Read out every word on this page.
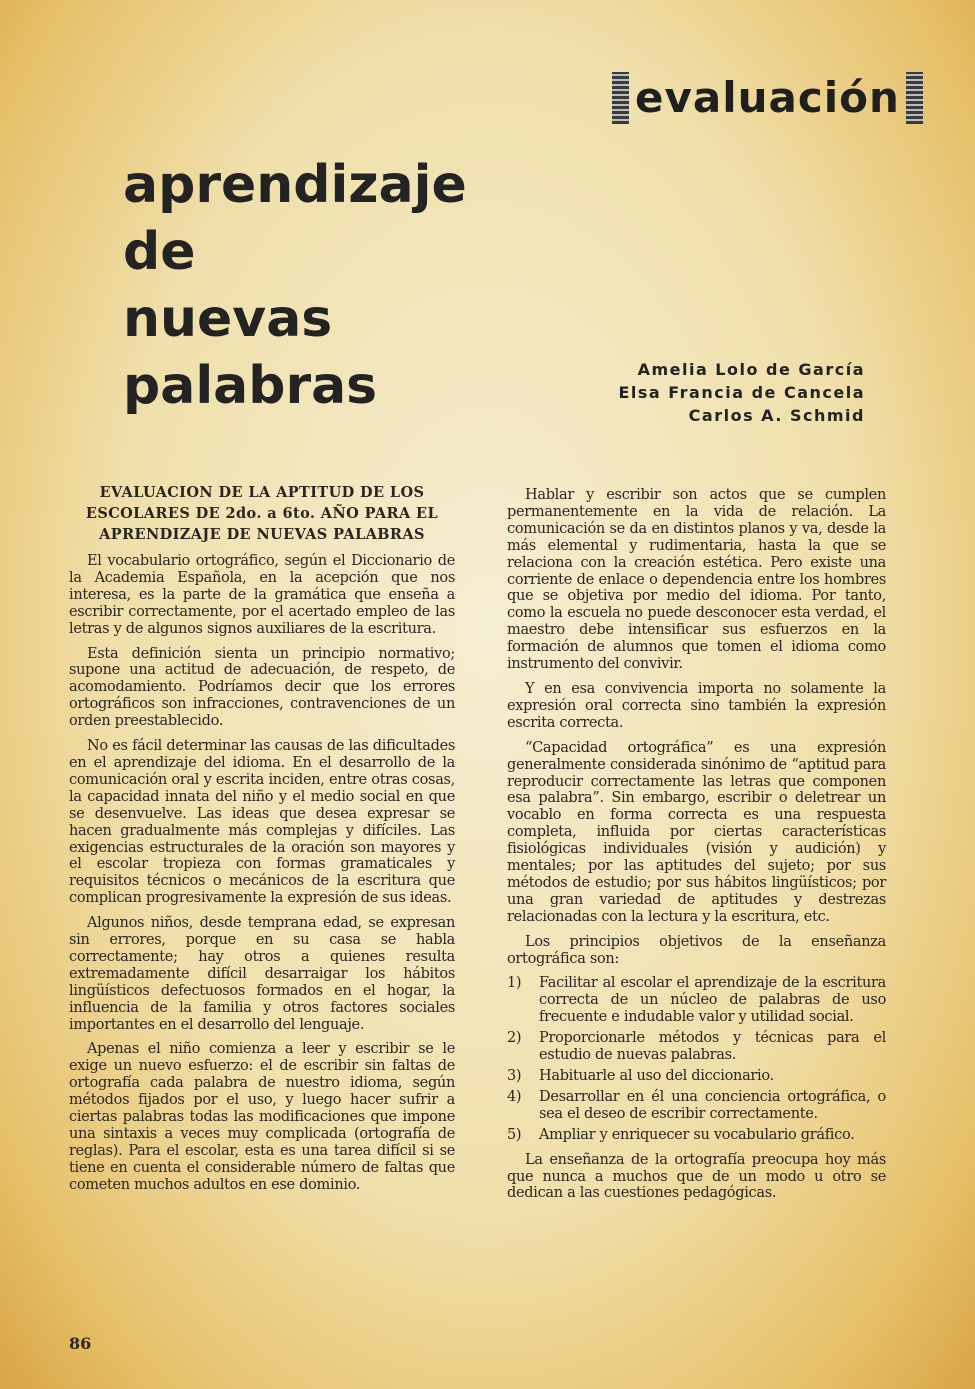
evaluación
aprendizaje
de
nuevas
palabras	Amelia Lolo de García
Elsa Francia de Cancela
Carlos A. Schmid
EVALUACION DE LA APTITUD DE LOS ESCOLARES DE 2do. a 6to. AÑO PARA EL APRENDIZAJE DE NUEVAS PALABRAS

El vocabulario ortográfico, según el Diccionario de la Academia Española, en la acepción que nos interesa, es la parte de la gramática que enseña a escribir correctamente, por el acertado empleo de las letras y de algunos signos auxiliares de la escritura.

Esta definición sienta un principio normativo; supone una actitud de adecuación, de respeto, de acomodamiento. Podríamos decir que los errores ortográficos son infracciones, contravenciones de un orden preestablecido.

No es fácil determinar las causas de las dificultades en el aprendizaje del idioma. En el desarrollo de la comunicación oral y escrita inciden, entre otras cosas, la capacidad innata del niño y el medio social en que se desenvuelve. Las ideas que desea expresar se hacen gradualmente más complejas y difíciles. Las exigencias estructurales de la oración son mayores y el escolar tropieza con formas gramaticales y requisitos técnicos o mecánicos de la escritura que complican progresivamente la expresión de sus ideas.

Algunos niños, desde temprana edad, se expresan sin errores, porque en su casa se habla correctamente; hay otros a quienes resulta extremadamente difícil desarraigar los hábitos lingüísticos defectuosos formados en el hogar, la influencia de la familia y otros factores sociales importantes en el desarrollo del lenguaje.

Apenas el niño comienza a leer y escribir se le exige un nuevo esfuerzo: el de escribir sin faltas de ortografía cada palabra de nuestro idioma, según métodos fijados por el uso, y luego hacer sufrir a ciertas palabras todas las modificaciones que impone una sintaxis a veces muy complicada (ortografía de reglas). Para el escolar, esta es una tarea difícil si se tiene en cuenta el considerable número de faltas que cometen muchos adultos en ese dominio.

Hablar y escribir son actos que se cumplen permanentemente en la vida de relación. La comunicación se da en distintos planos y va, desde la más elemental y rudimentaria, hasta la que se relaciona con la creación estética. Pero existe una corriente de enlace o dependencia entre los hombres que se objetiva por medio del idioma. Por tanto, como la escuela no puede desconocer esta verdad, el maestro debe intensificar sus esfuerzos en la formación de alumnos que tomen el idioma como instrumento del convivir.

Y en esa convivencia importa no solamente la expresión oral correcta sino también la expresión escrita correcta.

“Capacidad ortográfica” es una expresión generalmente considerada sinónimo de “aptitud para reproducir correctamente las letras que componen esa palabra”. Sin embargo, escribir o deletrear un vocablo en forma correcta es una respuesta completa, influida por ciertas características fisiológicas individuales (visión y audición) y mentales; por las aptitudes del sujeto; por sus métodos de estudio; por sus hábitos lingüísticos; por una gran variedad de aptitudes y destrezas relacionadas con la lectura y la escritura, etc.

Los principios objetivos de la enseñanza ortográfica son:

1)	Facilitar al escolar el aprendizaje de la escritura correcta de un núcleo de palabras de uso frecuente e indudable valor y utilidad social.
2)	Proporcionarle métodos y técnicas para el estudio de nuevas palabras.
3)	Habituarle al uso del diccionario.
4)	Desarrollar en él una conciencia ortográfica, o sea el deseo de escribir correctamente.
5)	Ampliar y enriquecer su vocabulario gráfico.

La enseñanza de la ortografía preocupa hoy más que nunca a muchos que de un modo u otro se dedican a las cuestiones pedagógicas.

86
